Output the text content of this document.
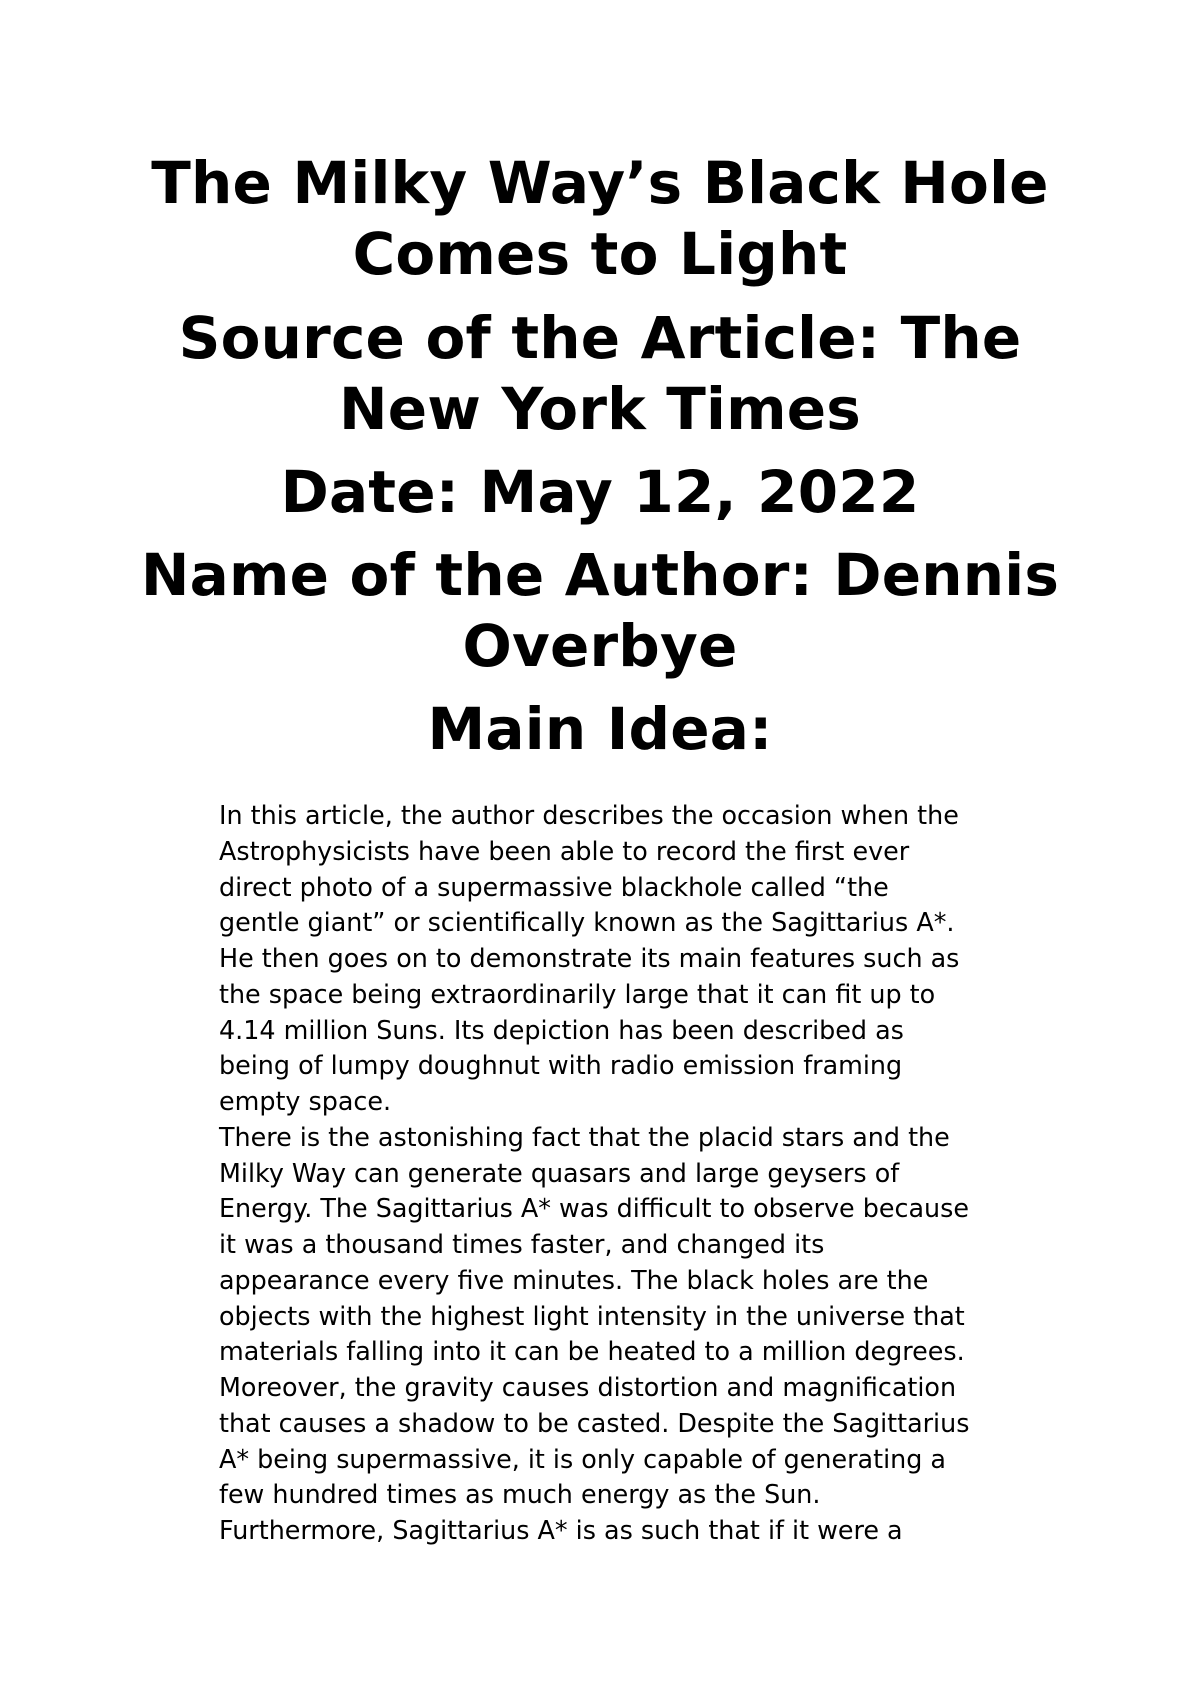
The Milky Way’s Black Hole
Comes to Light
Source of the Article: The
New York Times
Date: May 12, 2022
Name of the Author: Dennis
Overbye
Main Idea:
In this article, the author describes the occasion when the
Astrophysicists have been able to record the first ever
direct photo of a supermassive blackhole called “the
gentle giant” or scientifically known as the Sagittarius A*.
He then goes on to demonstrate its main features such as
the space being extraordinarily large that it can fit up to
4.14 million Suns. Its depiction has been described as
being of lumpy doughnut with radio emission framing
empty space.
There is the astonishing fact that the placid stars and the
Milky Way can generate quasars and large geysers of
Energy. The Sagittarius A* was difficult to observe because
it was a thousand times faster, and changed its
appearance every five minutes. The black holes are the
objects with the highest light intensity in the universe that
materials falling into it can be heated to a million degrees.
Moreover, the gravity causes distortion and magnification
that causes a shadow to be casted. Despite the Sagittarius
A* being supermassive, it is only capable of generating a
few hundred times as much energy as the Sun.
Furthermore, Sagittarius A* is as such that if it were a
